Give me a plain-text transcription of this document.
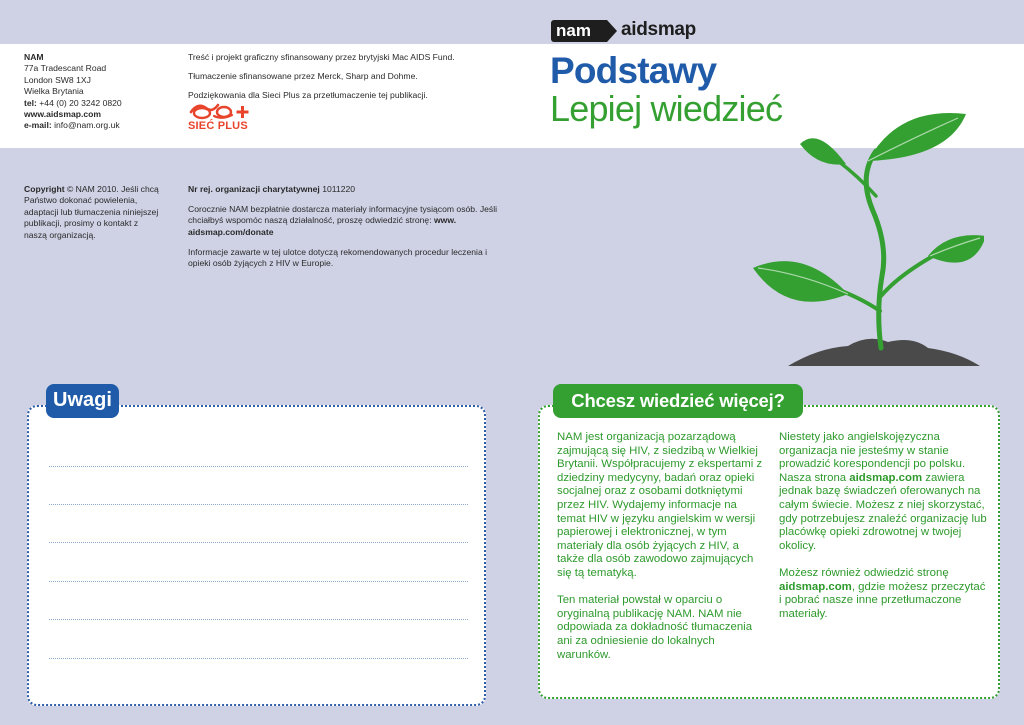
NAM
77a Tradescant Road
London SW8 1XJ
Wielka Brytania
tel: +44 (0) 20 3242 0820
www.aidsmap.com
e-mail: info@nam.org.uk

Treść i projekt graficzny sfinansowany przez brytyjski Mac AIDS Fund.

Tłumaczenie sfinansowane przez Merck, Sharp and Dohme.

Podziękowania dla Sieci Plus za przetłumaczenie tej publikacji.

SIEĆ PLUS
nam	aidsmap
Podstawy
Lepiej wiedzieć
Copyright © NAM 2010. Jeśli chcą Państwo dokonać powielenia, adaptacji lub tłumaczenia niniejszej publikacji, prosimy o kontakt z naszą organizacją.

Nr rej. organizacji charytatywnej 1011220

Corocznie NAM bezpłatnie dostarcza materiały informacyjne tysiącom osób. Jeśli chciałbyś wspomóc naszą działalność, proszę odwiedzić stronę: www. aidsmap.com/donate

Informacje zawarte w tej ulotce dotyczą rekomendowanych procedur leczenia i opieki osób żyjących z HIV w Europie.

Uwagi	Chcesz wiedzieć więcej?

NAM jest organizacją pozarządową zajmującą się HIV, z siedzibą w Wielkiej Brytanii. Współpracujemy z ekspertami z dziedziny medycyny, badań oraz opieki socjalnej oraz z osobami dotkniętymi przez HIV. Wydajemy informacje na temat HIV w języku angielskim w wersji papierowej i elektronicznej, w tym materiały dla osób żyjących z HIV, a także dla osób zawodowo zajmujących się tą tematyką.

Ten materiał powstał w oparciu o oryginalną publikację NAM. NAM nie odpowiada za dokładność tłumaczenia ani za odniesienie do lokalnych warunków.

Niestety jako angielskojęzyczna organizacja nie jesteśmy w stanie prowadzić korespondencji po polsku. Nasza strona aidsmap.com zawiera jednak bazę świadczeń oferowanych na całym świecie. Możesz z niej skorzystać, gdy potrzebujesz znaleźć organizację lub placówkę opieki zdrowotnej w twojej okolicy.

Możesz również odwiedzić stronę aidsmap.com, gdzie możesz przeczytać i pobrać nasze inne przetłumaczone materiały.
